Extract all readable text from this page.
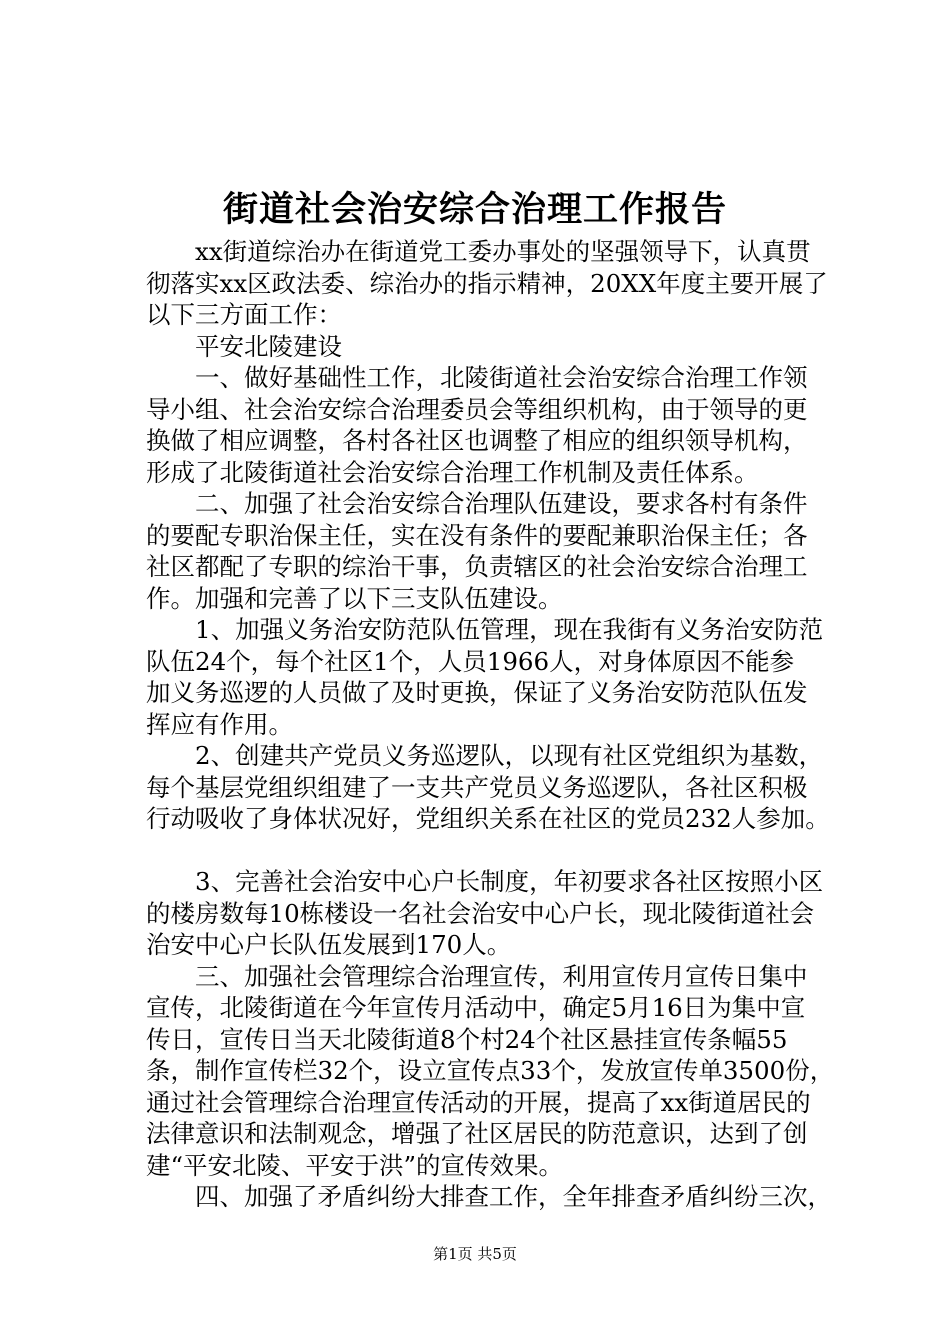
街道社会治安综合治理工作报告
　　xx街道综治办在街道党工委办事处的坚强领导下，认真贯
彻落实xx区政法委、综治办的指示精神，20XX年度主要开展了
以下三方面工作：
　　平安北陵建设
　　一、做好基础性工作，北陵街道社会治安综合治理工作领
导小组、社会治安综合治理委员会等组织机构，由于领导的更
换做了相应调整，各村各社区也调整了相应的组织领导机构，
形成了北陵街道社会治安综合治理工作机制及责任体系。
　　二、加强了社会治安综合治理队伍建设，要求各村有条件
的要配专职治保主任，实在没有条件的要配兼职治保主任；各
社区都配了专职的综治干事，负责辖区的社会治安综合治理工
作。加强和完善了以下三支队伍建设。
　　1、加强义务治安防范队伍管理，现在我街有义务治安防范
队伍24个，每个社区1个，人员1966人，对身体原因不能参
加义务巡逻的人员做了及时更换，保证了义务治安防范队伍发
挥应有作用。
　　2、创建共产党员义务巡逻队，以现有社区党组织为基数，
每个基层党组织组建了一支共产党员义务巡逻队，各社区积极
行动吸收了身体状况好，党组织关系在社区的党员232人参加。
　　3、完善社会治安中心户长制度，年初要求各社区按照小区
的楼房数每10栋楼设一名社会治安中心户长，现北陵街道社会
治安中心户长队伍发展到170人。
　　三、加强社会管理综合治理宣传，利用宣传月宣传日集中
宣传，北陵街道在今年宣传月活动中，确定5月16日为集中宣
传日，宣传日当天北陵街道8个村24个社区悬挂宣传条幅55
条，制作宣传栏32个，设立宣传点33个，发放宣传单3500份，
通过社会管理综合治理宣传活动的开展，提高了xx街道居民的
法律意识和法制观念，增强了社区居民的防范意识，达到了创
建“平安北陵、平安于洪”的宣传效果。
　　四、加强了矛盾纠纷大排查工作，全年排查矛盾纠纷三次，
第1页 共5页
